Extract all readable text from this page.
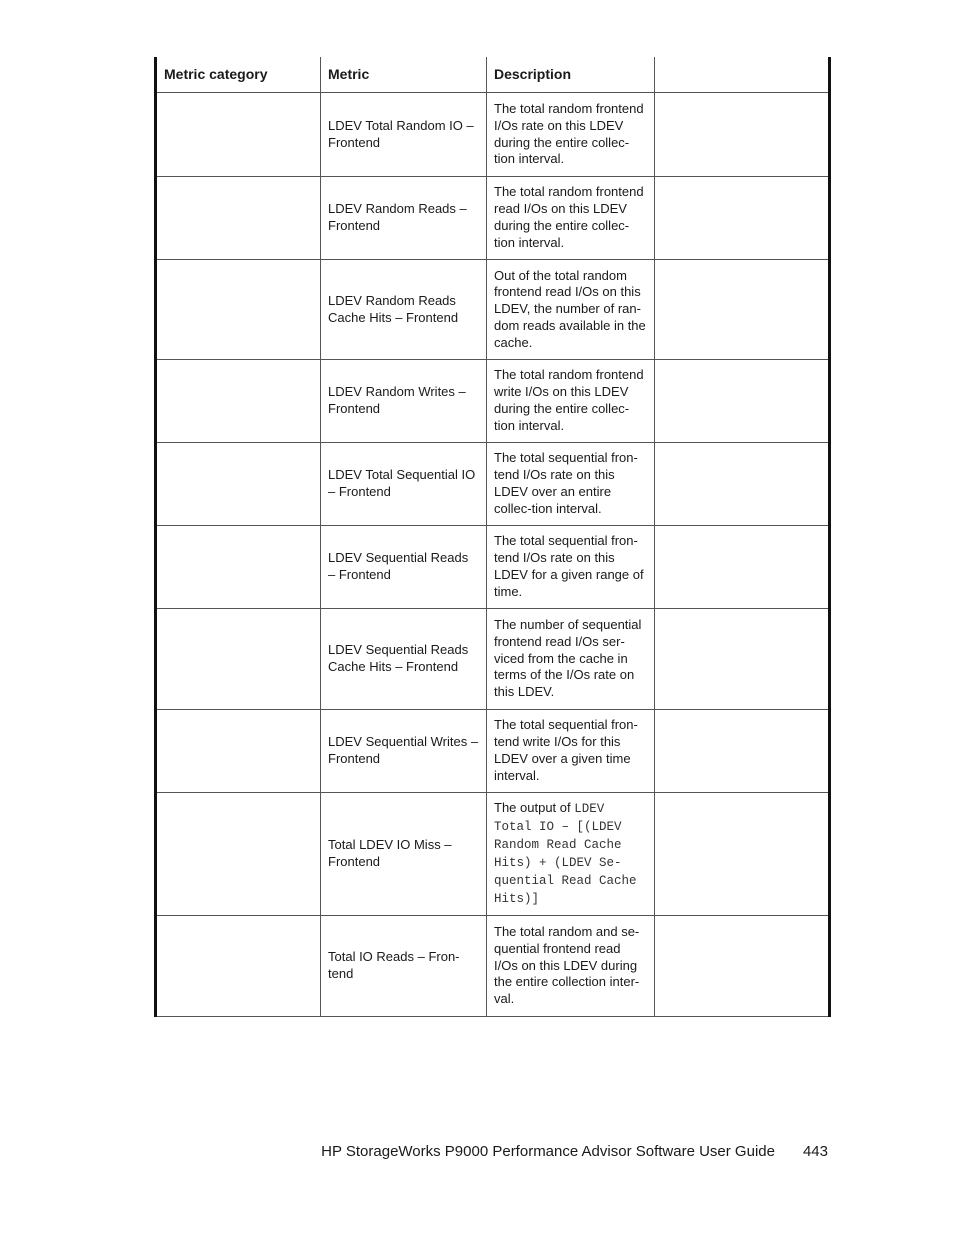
Metric category	Metric	Description	
	LDEV Total Random IO – Frontend	The total random frontend I/Os rate on this LDEV during the entire collec-tion interval.	
	LDEV Random Reads – Frontend	The total random frontend read I/Os on this LDEV during the entire collec-tion interval.	
	LDEV Random Reads Cache Hits – Frontend	Out of the total random frontend read I/Os on this LDEV, the number of ran-dom reads available in the cache.	
	LDEV Random Writes – Frontend	The total random frontend write I/Os on this LDEV during the entire collec-tion interval.	
	LDEV Total Sequential IO – Frontend	The total sequential fron-tend I/Os rate on this LDEV over an entire collec-tion interval.	
	LDEV Sequential Reads – Frontend	The total sequential fron-tend I/Os rate on this LDEV for a given range of time.	
	LDEV Sequential Reads Cache Hits – Frontend	The number of sequential frontend read I/Os ser-viced from the cache in terms of the I/Os rate on this LDEV.	
	LDEV Sequential Writes – Frontend	The total sequential fron-tend write I/Os for this LDEV over a given time interval.	
	Total LDEV IO Miss – Frontend	The output of LDEV Total IO – [(LDEV Random Read Cache Hits) + (LDEV Se-quential Read Cache Hits)]	
	Total IO Reads – Fron-tend	The total random and se-quential frontend read I/Os on this LDEV during the entire collection inter-val.	
HP StorageWorks P9000 Performance Advisor Software User Guide 443
